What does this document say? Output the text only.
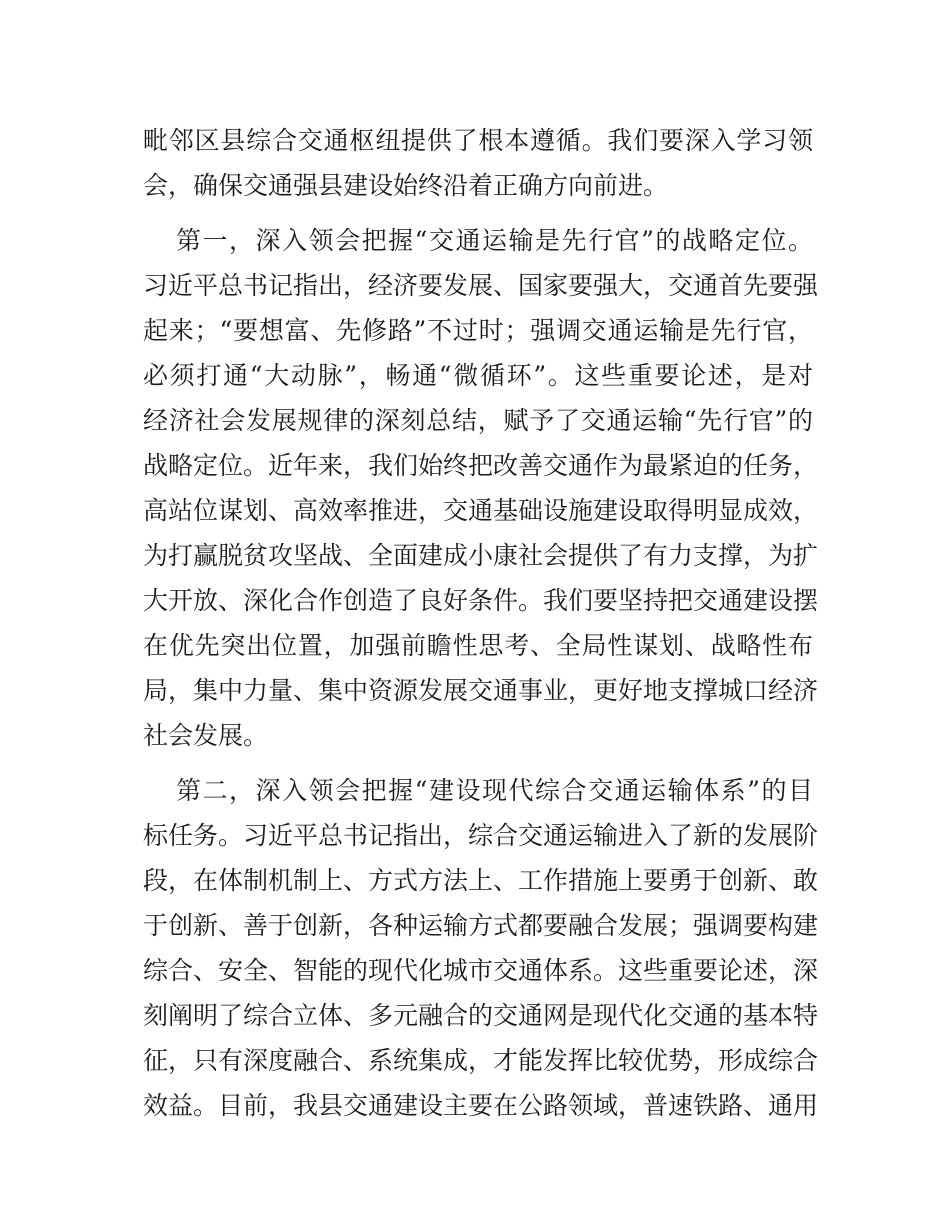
毗邻区县综合交通枢纽提供了根本遵循。我们要深入学习领
会，确保交通强县建设始终沿着正确方向前进。
第一，深入领会把握“交通运输是先行官”的战略定位。
习近平总书记指出，经济要发展、国家要强大，交通首先要强
起来；“要想富、先修路”不过时；强调交通运输是先行官，
必须打通“大动脉”，畅通“微循环”。这些重要论述，是对
经济社会发展规律的深刻总结，赋予了交通运输“先行官”的
战略定位。近年来，我们始终把改善交通作为最紧迫的任务，
高站位谋划、高效率推进，交通基础设施建设取得明显成效，
为打赢脱贫攻坚战、全面建成小康社会提供了有力支撑，为扩
大开放、深化合作创造了良好条件。我们要坚持把交通建设摆
在优先突出位置，加强前瞻性思考、全局性谋划、战略性布
局，集中力量、集中资源发展交通事业，更好地支撑城口经济
社会发展。
第二，深入领会把握“建设现代综合交通运输体系”的目
标任务。习近平总书记指出，综合交通运输进入了新的发展阶
段，在体制机制上、方式方法上、工作措施上要勇于创新、敢
于创新、善于创新，各种运输方式都要融合发展；强调要构建
综合、安全、智能的现代化城市交通体系。这些重要论述，深
刻阐明了综合立体、多元融合的交通网是现代化交通的基本特
征，只有深度融合、系统集成，才能发挥比较优势，形成综合
效益。目前，我县交通建设主要在公路领域，普速铁路、通用
